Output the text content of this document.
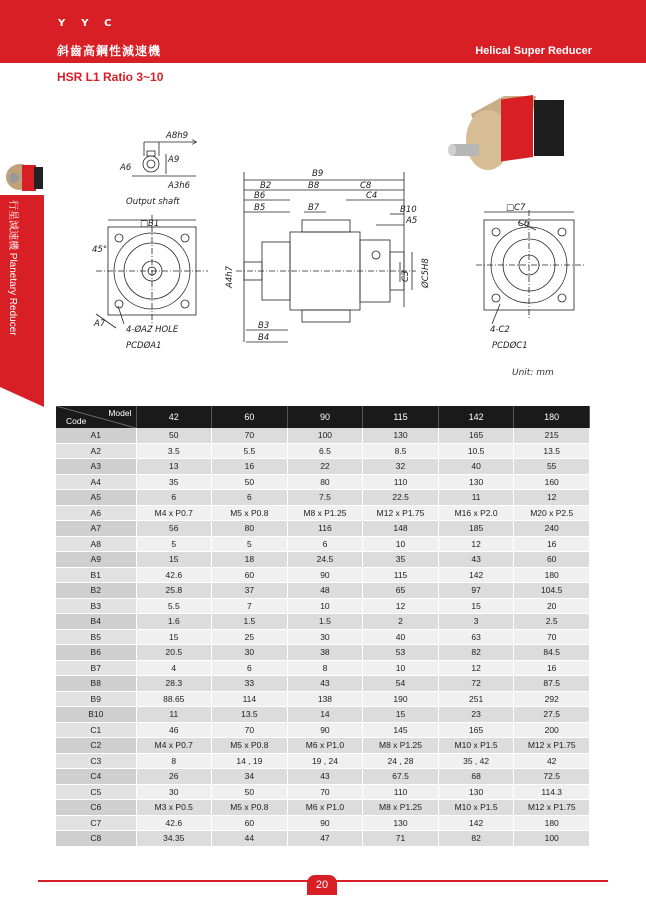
YYC
斜齒高鋼性減速機	Helical Super Reducer
HSR L1 Ratio 3~10
行星減速機 Planetary Reducer
A8h9
A6
A9
A3h6
Output shaft
□B1
45°
A7
4-ØA2 HOLE
PCDØA1
B9
B2	B8	C8
B6	C4
B5	B7	B10
A5
A4h7	C3 ØC5H8
B3
B4
□C7
C6
4-C2
PCDØC1
Unit: mm
Model
Code	42	60	90	115	142	180
A1	50	70	100	130	165	215
A2	3.5	5.5	6.5	8.5	10.5	13.5
A3	13	16	22	32	40	55
A4	35	50	80	110	130	160
A5	6	6	7.5	22.5	11	12
A6	M4 x P0.7	M5 x P0.8	M8 x P1.25	M12 x P1.75	M16 x P2.0	M20 x P2.5
A7	56	80	116	148	185	240
A8	5	5	6	10	12	16
A9	15	18	24.5	35	43	60
B1	42.6	60	90	115	142	180
B2	25.8	37	48	65	97	104.5
B3	5.5	7	10	12	15	20
B4	1.6	1.5	1.5	2	3	2.5
B5	15	25	30	40	63	70
B6	20.5	30	38	53	82	84.5
B7	4	6	8	10	12	16
B8	28.3	33	43	54	72	87.5
B9	88.65	114	138	190	251	292
B10	11	13.5	14	15	23	27.5
C1	46	70	90	145	165	200
C2	M4 x P0.7	M5 x P0.8	M6 x P1.0	M8 x P1.25	M10 x P1.5	M12 x P1.75
C3	8	14 , 19	19 , 24	24 , 28	35 , 42	42
C4	26	34	43	67.5	68	72.5
C5	30	50	70	110	130	114.3
C6	M3 x P0.5	M5 x P0.8	M6 x P1.0	M8 x P1.25	M10 x P1.5	M12 x P1.75
C7	42.6	60	90	130	142	180
C8	34.35	44	47	71	82	100
20
